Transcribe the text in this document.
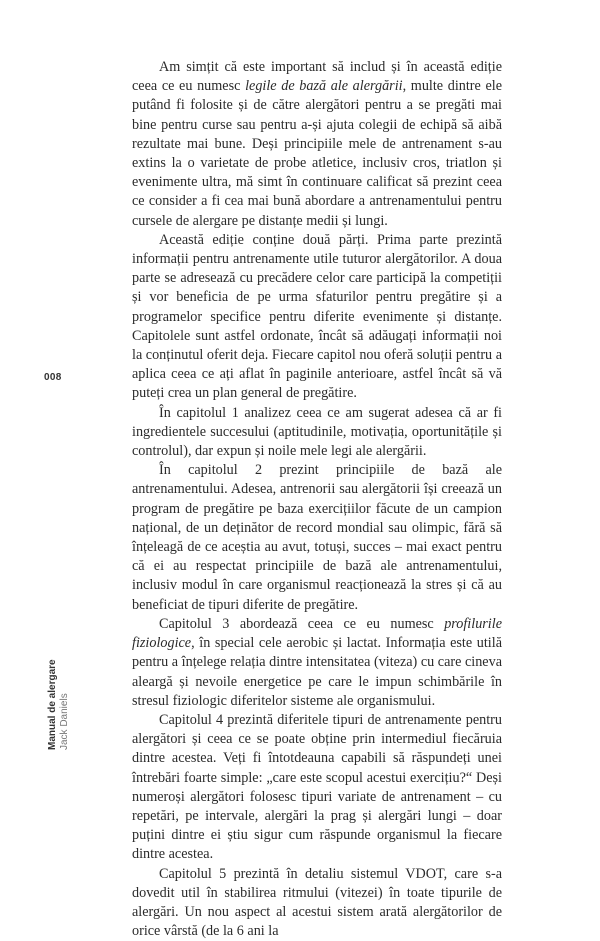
Am simțit că este important să includ și în această ediție ceea ce eu numesc legile de bază ale alergării, multe dintre ele putând fi folosite și de către alergători pentru a se pregăti mai bine pentru curse sau pentru a-și ajuta colegii de echipă să aibă rezultate mai bune. Deși principiile mele de antrenament s-au extins la o varietate de probe atletice, inclusiv cros, triatlon și evenimente ultra, mă simt în continuare calificat să prezint ceea ce consider a fi cea mai bună abordare a antrenamentului pentru cursele de alergare pe distanțe medii și lungi.

Această ediție conține două părți. Prima parte prezintă informații pentru antrenamente utile tuturor alergătorilor. A doua parte se adresează cu precădere celor care participă la competiții și vor beneficia de pe urma sfaturilor pentru pregătire și a programelor specifice pentru diferite evenimente și distanțe. Capitolele sunt astfel ordonate, încât să adăugați informații noi la conținutul oferit deja. Fiecare capitol nou oferă soluții pentru a aplica ceea ce ați aflat în paginile anterioare, astfel încât să vă puteți crea un plan general de pregătire.

În capitolul 1 analizez ceea ce am sugerat adesea că ar fi ingredientele succesului (aptitudinile, motivația, oportunitățile și controlul), dar expun și noile mele legi ale alergării.

În capitolul 2 prezint principiile de bază ale antrenamentului. Adesea, antrenorii sau alergătorii își creează un program de pregătire pe baza exercițiilor făcute de un campion național, de un deținător de record mondial sau olimpic, fără să înțeleagă de ce aceștia au avut, totuși, succes – mai exact pentru că ei au respectat principiile de bază ale antrenamentului, inclusiv modul în care organismul reacționează la stres și că au beneficiat de tipuri diferite de pregătire.

Capitolul 3 abordează ceea ce eu numesc profilurile fiziologice, în special cele aerobic și lactat. Informația este utilă pentru a înțelege relația dintre intensitatea (viteza) cu care cineva aleargă și nevoile energetice pe care le impun schimbările în stresul fiziologic diferitelor sisteme ale organismului.

Capitolul 4 prezintă diferitele tipuri de antrenamente pentru alergători și ceea ce se poate obține prin intermediul fiecăruia dintre acestea. Veți fi întotdeauna capabili să răspundeți unei întrebări foarte simple: „care este scopul acestui exercițiu?“ Deși numeroși alergători folosesc tipuri variate de antrenament – cu repetări, pe intervale, alergări la prag și alergări lungi – doar puțini dintre ei știu sigur cum răspunde organismul la fiecare dintre acestea.

Capitolul 5 prezintă în detaliu sistemul VDOT, care s-a dovedit util în stabilirea ritmului (vitezei) în toate tipurile de alergări. Un nou aspect al acestui sistem arată alergătorilor de orice vârstă (de la 6 ani la

008
Manual de alergare Jack Daniels
